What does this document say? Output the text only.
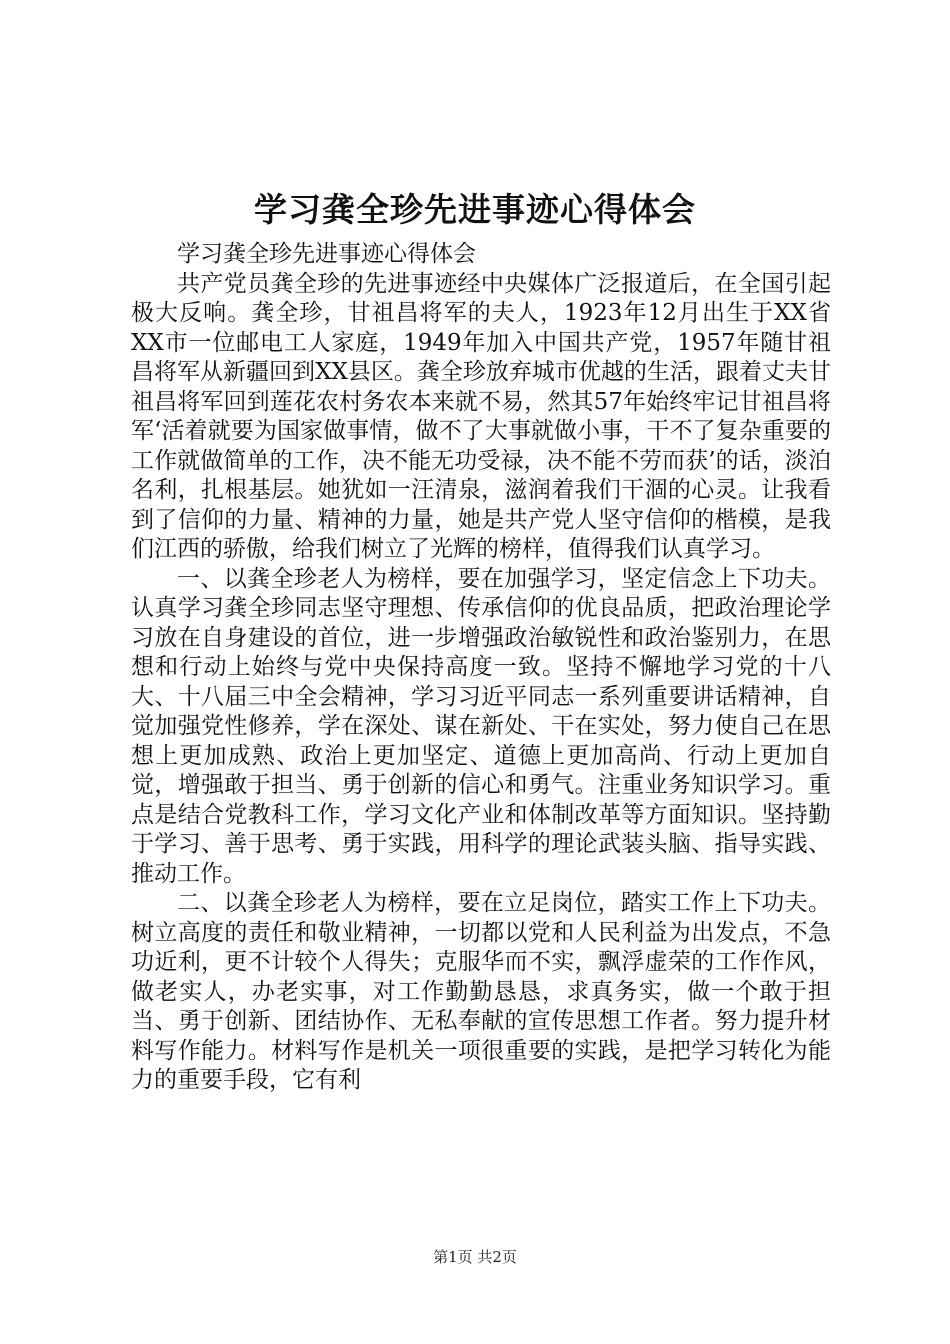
学习龚全珍先进事迹心得体会

学习龚全珍先进事迹心得体会

共产党员龚全珍的先进事迹经中央媒体广泛报道后，在全国引起极大反响。龚全珍，甘祖昌将军的夫人，1923年12月出生于XX省XX市一位邮电工人家庭，1949年加入中国共产党，1957年随甘祖昌将军从新疆回到XX县区。龚全珍放弃城市优越的生活，跟着丈夫甘祖昌将军回到莲花农村务农本来就不易，然其57年始终牢记甘祖昌将军‘活着就要为国家做事情，做不了大事就做小事，干不了复杂重要的工作就做简单的工作，决不能无功受禄，决不能不劳而获’的话，淡泊名利，扎根基层。她犹如一汪清泉，滋润着我们干涸的心灵。让我看到了信仰的力量、精神的力量，她是共产党人坚守信仰的楷模，是我们江西的骄傲，给我们树立了光辉的榜样，值得我们认真学习。

一、以龚全珍老人为榜样，要在加强学习，坚定信念上下功夫。认真学习龚全珍同志坚守理想、传承信仰的优良品质，把政治理论学习放在自身建设的首位，进一步增强政治敏锐性和政治鉴别力，在思想和行动上始终与党中央保持高度一致。坚持不懈地学习党的十八大、十八届三中全会精神，学习习近平同志一系列重要讲话精神，自觉加强党性修养，学在深处、谋在新处、干在实处，努力使自己在思想上更加成熟、政治上更加坚定、道德上更加高尚、行动上更加自觉，增强敢于担当、勇于创新的信心和勇气。注重业务知识学习。重点是结合党教科工作，学习文化产业和体制改革等方面知识。坚持勤于学习、善于思考、勇于实践，用科学的理论武装头脑、指导实践、推动工作。

二、以龚全珍老人为榜样，要在立足岗位，踏实工作上下功夫。树立高度的责任和敬业精神，一切都以党和人民利益为出发点，不急功近利，更不计较个人得失；克服华而不实，飘浮虚荣的工作作风，做老实人，办老实事，对工作勤勤恳恳，求真务实，做一个敢于担当、勇于创新、团结协作、无私奉献的宣传思想工作者。努力提升材料写作能力。材料写作是机关一项很重要的实践，是把学习转化为能力的重要手段，它有利

第1页 共2页
